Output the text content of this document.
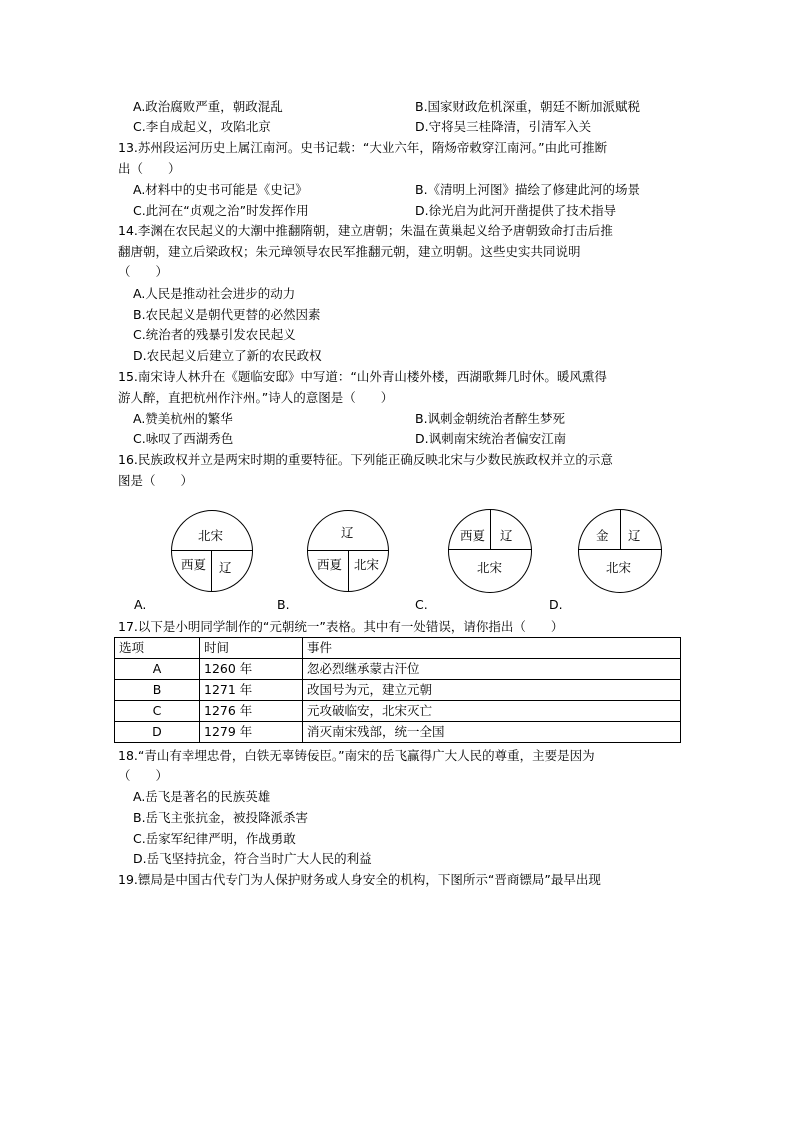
A.政治腐败严重，朝政混乱	B.国家财政危机深重，朝廷不断加派赋税
C.李自成起义，攻陷北京	D.守将吴三桂降清，引清军入关
13.苏州段运河历史上属江南河。史书记载：“大业六年，隋炀帝敕穿江南河。”由此可推断
出（　　）
A.材料中的史书可能是《史记》	B.《清明上河图》描绘了修建此河的场景
C.此河在“贞观之治”时发挥作用	D.徐光启为此河开凿提供了技术指导
14.李渊在农民起义的大潮中推翻隋朝，建立唐朝；朱温在黄巢起义给予唐朝致命打击后推
翻唐朝，建立后梁政权；朱元璋领导农民军推翻元朝，建立明朝。这些史实共同说明
（　　）
A.人民是推动社会进步的动力
B.农民起义是朝代更替的必然因素
C.统治者的残暴引发农民起义
D.农民起义后建立了新的农民政权
15.南宋诗人林升在《题临安邸》中写道：“山外青山楼外楼，西湖歌舞几时休。暖风熏得
游人醉，直把杭州作汴州。”诗人的意图是（　　）
A.赞美杭州的繁华	B.讽刺金朝统治者醉生梦死
C.咏叹了西湖秀色	D.讽刺南宋统治者偏安江南
16.民族政权并立是两宋时期的重要特征。下列能正确反映北宋与少数民族政权并立的示意
图是（　　）
北宋
西夏 辽
A.
辽
西夏 北宋
B.
西夏 辽
北宋
C.
金 辽
北宋
D.
17.以下是小明同学制作的“元朝统一”表格。其中有一处错误，请你指出（　　）
选项	时间	事件
A	1260 年	忽必烈继承蒙古汗位
B	1271 年	改国号为元，建立元朝
C	1276 年	元攻破临安，北宋灭亡
D	1279 年	消灭南宋残部，统一全国
18.“青山有幸埋忠骨，白铁无辜铸佞臣。”南宋的岳飞赢得广大人民的尊重，主要是因为
（　　）
A.岳飞是著名的民族英雄
B.岳飞主张抗金，被投降派杀害
C.岳家军纪律严明，作战勇敢
D.岳飞坚持抗金，符合当时广大人民的利益
19.镖局是中国古代专门为人保护财务或人身安全的机构，下图所示“晋商镖局”最早出现
